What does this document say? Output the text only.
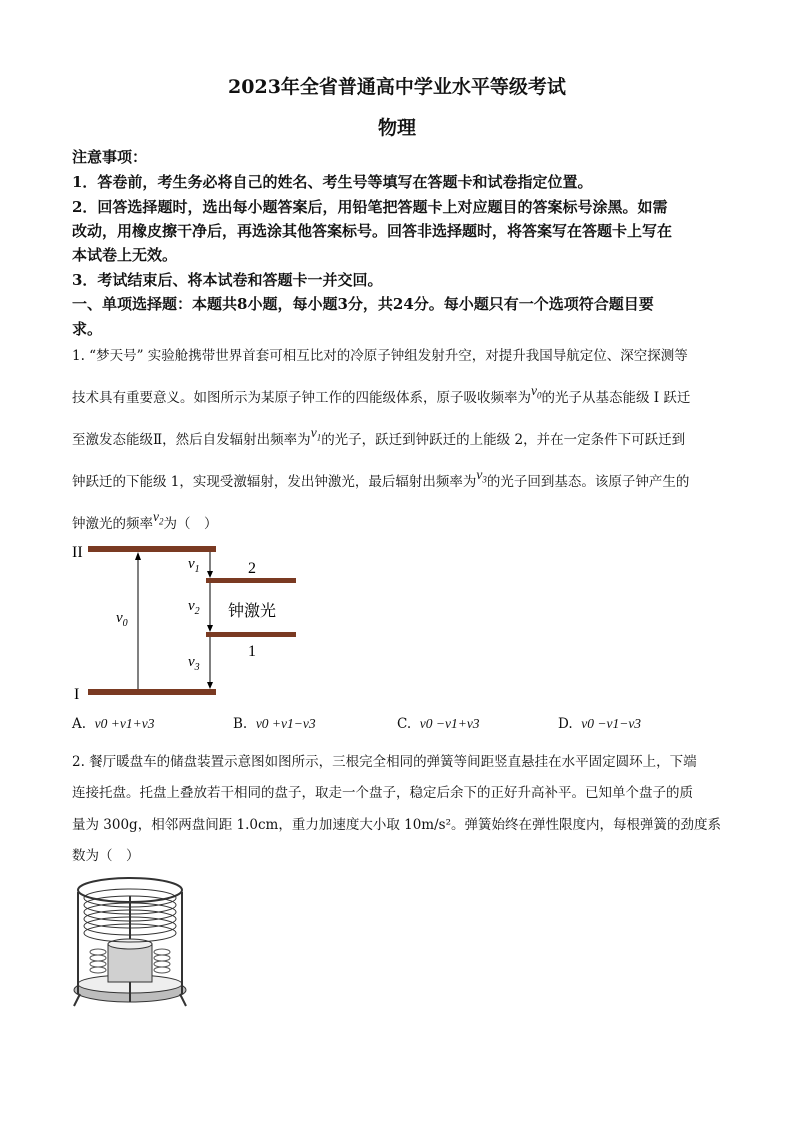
2023年全省普通高中学业水平等级考试
物理
注意事项：
1．答卷前，考生务必将自己的姓名、考生号等填写在答题卡和试卷指定位置。
2．回答选择题时，选出每小题答案后，用铅笔把答题卡上对应题目的答案标号涂黑。如需
改动，用橡皮擦干净后，再选涂其他答案标号。回答非选择题时，将答案写在答题卡上写在
本试卷上无效。
3．考试结束后、将本试卷和答题卡一并交回。
一、单项选择题：本题共8小题，每小题3分，共24分。每小题只有一个选项符合题目要
求。
1. “梦天号” 实验舱携带世界首套可相互比对的冷原子钟组发射升空，对提升我国导航定位、深空探测等
技术具有重要意义。如图所示为某原子钟工作的四能级体系，原子吸收频率为$\nu_0$的光子从基态能级 I 跃迁
至激发态能级Ⅱ，然后自发辐射出频率为$\nu_1$的光子，跃迁到钟跃迁的上能级 2，并在一定条件下可跃迁到
钟跃迁的下能级 1，实现受激辐射，发出钟激光，最后辐射出频率为$\nu_3$的光子回到基态。该原子钟产生的
钟激光的频率$\nu_2$为（　）
II
I
2
1
钟激光
$\nu_0$
$\nu_1$
$\nu_2$
$\nu_3$
A. ν0 +ν1+ν3	B. ν0 +ν1−ν3	C. ν0 −ν1+ν3	D. ν0 −ν1−ν3
2. 餐厅暖盘车的储盘装置示意图如图所示，三根完全相同的弹簧等间距竖直悬挂在水平固定圆环上，下端
连接托盘。托盘上叠放若干相同的盘子，取走一个盘子，稳定后余下的正好升高补平。已知单个盘子的质
量为 300g，相邻两盘间距 1.0cm，重力加速度大小取 10m/s²。弹簧始终在弹性限度内，每根弹簧的劲度系
数为（　）
